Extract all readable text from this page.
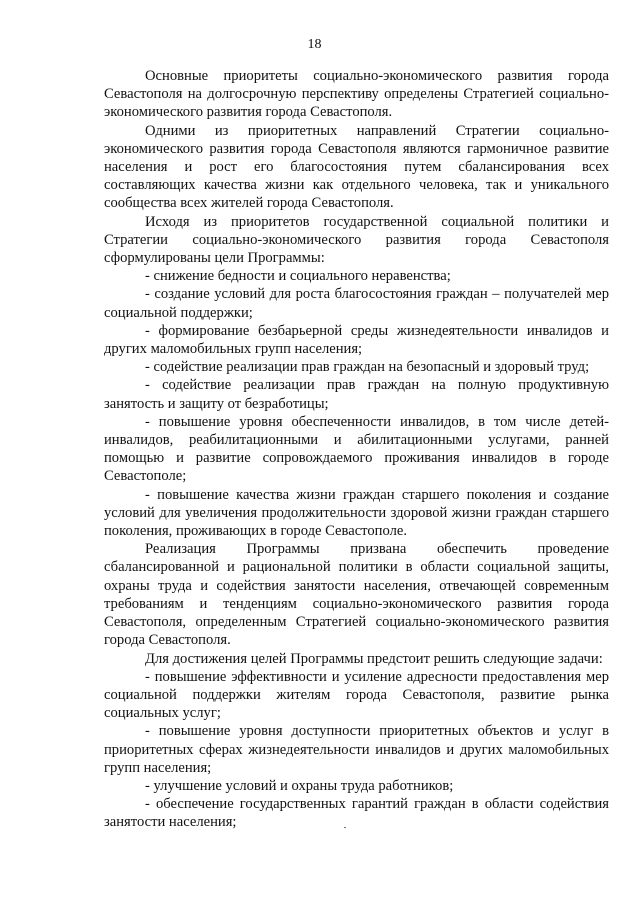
18

Основные приоритеты социально-экономического развития города Севастополя на долгосрочную перспективу определены Стратегией социально-экономического развития города Севастополя.

Одними из приоритетных направлений Стратегии социально-экономического развития города Севастополя являются гармоничное развитие населения и рост его благосостояния путем сбалансирования всех составляющих качества жизни как отдельного человека, так и уникального сообщества всех жителей города Севастополя.

Исходя из приоритетов государственной социальной политики и Стратегии социально-экономического развития города Севастополя сформулированы цели Программы:

- снижение бедности и социального неравенства;

- создание условий для роста благосостояния граждан – получателей мер социальной поддержки;

- формирование безбарьерной среды жизнедеятельности инвалидов и других маломобильных групп населения;

- содействие реализации прав граждан на безопасный и здоровый труд;

- содействие реализации прав граждан на полную продуктивную занятость и защиту от безработицы;

- повышение уровня обеспеченности инвалидов, в том числе детей-инвалидов, реабилитационными и абилитационными услугами, ранней помощью и развитие сопровождаемого проживания инвалидов в городе Севастополе;

- повышение качества жизни граждан старшего поколения и создание условий для увеличения продолжительности здоровой жизни граждан старшего поколения, проживающих в городе Севастополе.

Реализация Программы призвана обеспечить проведение сбалансированной и рациональной политики в области социальной защиты, охраны труда и содействия занятости населения, отвечающей современным требованиям и тенденциям социально-экономического развития города Севастополя, определенным Стратегией социально-экономического развития города Севастополя.

Для достижения целей Программы предстоит решить следующие задачи:

- повышение эффективности и усиление адресности предоставления мер социальной поддержки жителям города Севастополя, развитие рынка социальных услуг;

- повышение уровня доступности приоритетных объектов и услуг в приоритетных сферах жизнедеятельности инвалидов и других маломобильных групп населения;

- улучшение условий и охраны труда работников;

- обеспечение государственных гарантий граждан в области содействия занятости населения;
